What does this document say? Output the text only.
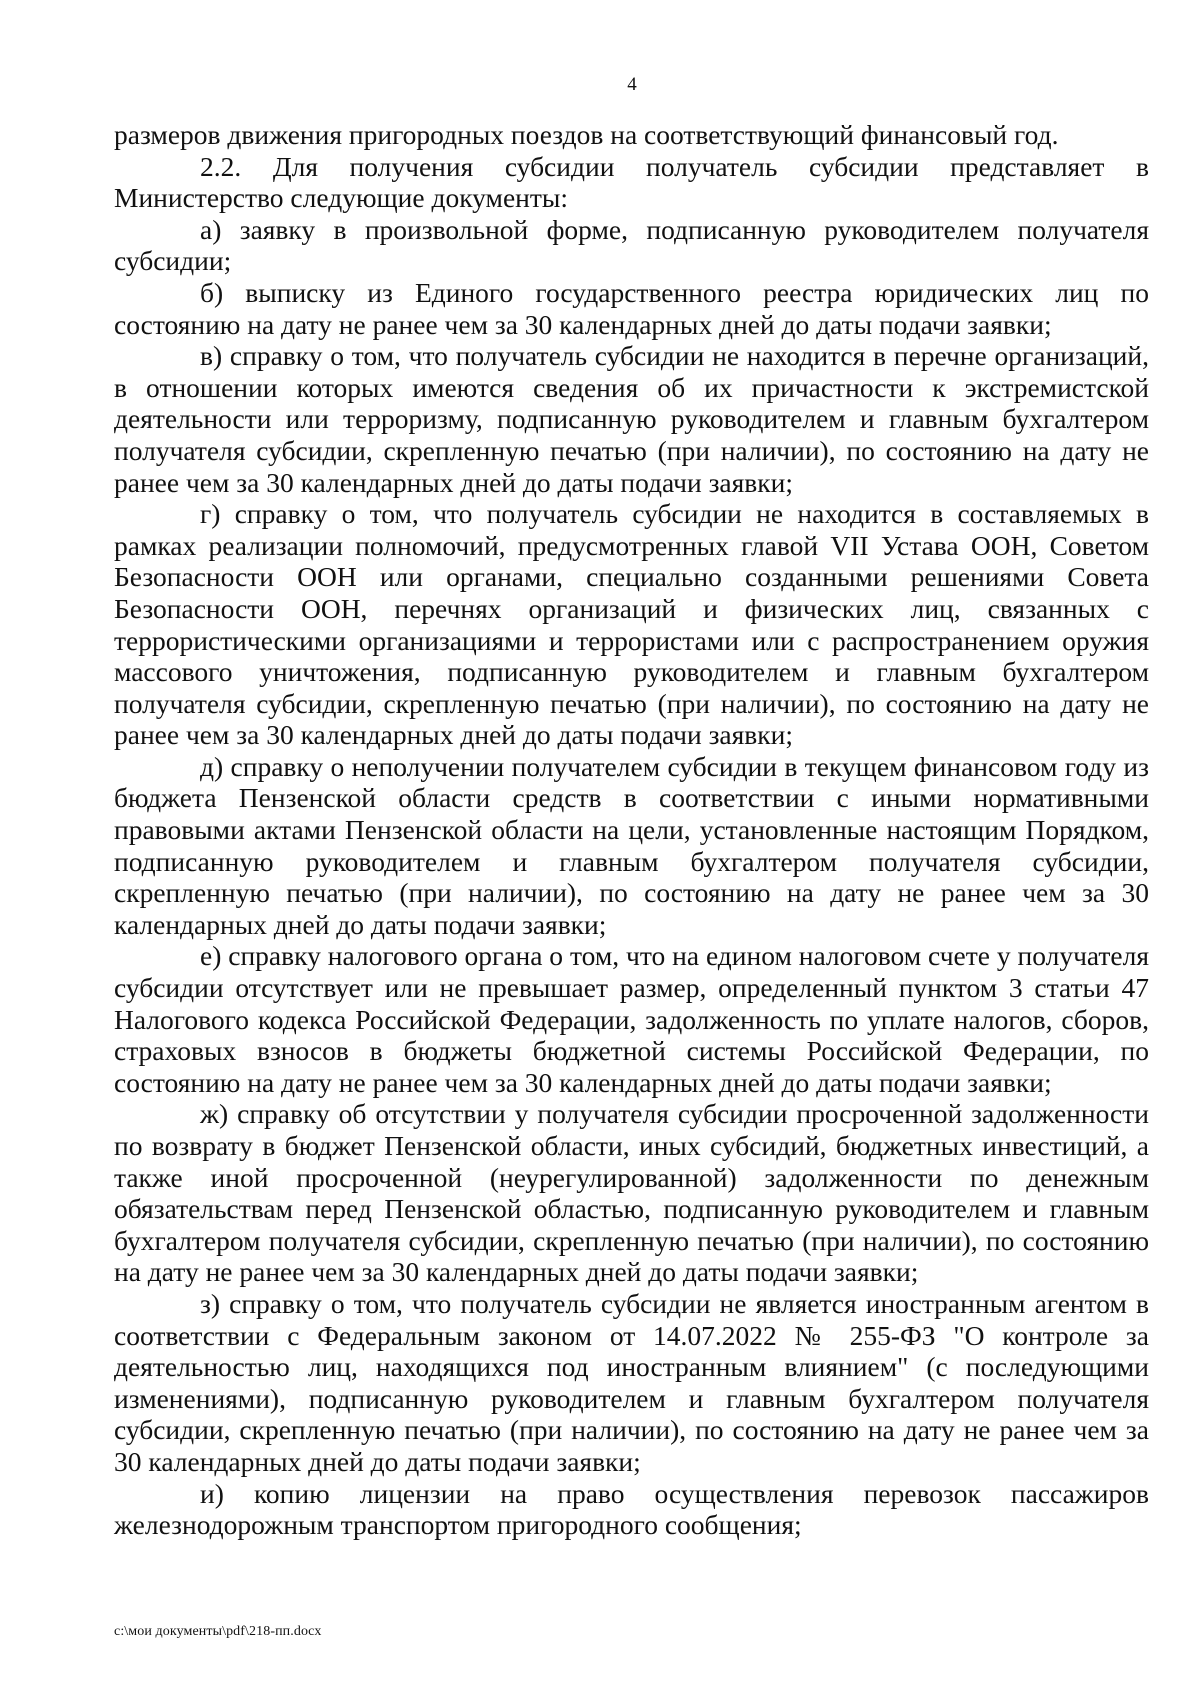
4

размеров движения пригородных поездов на соответствующий финансовый год.

2.2. Для получения субсидии получатель субсидии представляет в Министерство следующие документы:

а) заявку в произвольной форме, подписанную руководителем получателя субсидии;

б) выписку из Единого государственного реестра юридических лиц по состоянию на дату не ранее чем за 30 календарных дней до даты подачи заявки;

в) справку о том, что получатель субсидии не находится в перечне организаций, в отношении которых имеются сведения об их причастности к экстремистской деятельности или терроризму, подписанную руководителем и главным бухгалтером получателя субсидии, скрепленную печатью (при наличии), по состоянию на дату не ранее чем за 30 календарных дней до даты подачи заявки;

г) справку о том, что получатель субсидии не находится в составляемых в рамках реализации полномочий, предусмотренных главой VII Устава ООН, Советом Безопасности ООН или органами, специально созданными решениями Совета Безопасности ООН, перечнях организаций и физических лиц, связанных с террористическими организациями и террористами или с распространением оружия массового уничтожения, подписанную руководителем и главным бухгалтером получателя субсидии, скрепленную печатью (при наличии), по состоянию на дату не ранее чем за 30 календарных дней до даты подачи заявки;

д) справку о неполучении получателем субсидии в текущем финансовом году из бюджета Пензенской области средств в соответствии с иными нормативными правовыми актами Пензенской области на цели, установленные настоящим Порядком, подписанную руководителем и главным бухгалтером получателя субсидии, скрепленную печатью (при наличии), по состоянию на дату не ранее чем за 30 календарных дней до даты подачи заявки;

е) справку налогового органа о том, что на едином налоговом счете у получателя субсидии отсутствует или не превышает размер, определенный пунктом 3 статьи 47 Налогового кодекса Российской Федерации, задолженность по уплате налогов, сборов, страховых взносов в бюджеты бюджетной системы Российской Федерации, по состоянию на дату не ранее чем за 30 календарных дней до даты подачи заявки;

ж) справку об отсутствии у получателя субсидии просроченной задолженности по возврату в бюджет Пензенской области, иных субсидий, бюджетных инвестиций, а также иной просроченной (неурегулированной) задолженности по денежным обязательствам перед Пензенской областью, подписанную руководителем и главным бухгалтером получателя субсидии, скрепленную печатью (при наличии), по состоянию на дату не ранее чем за 30 календарных дней до даты подачи заявки;

з) справку о том, что получатель субсидии не является иностранным агентом в соответствии с Федеральным законом от 14.07.2022 № 255-ФЗ "О контроле за деятельностью лиц, находящихся под иностранным влиянием" (с последующими изменениями), подписанную руководителем и главным бухгалтером получателя субсидии, скрепленную печатью (при наличии), по состоянию на дату не ранее чем за 30 календарных дней до даты подачи заявки;

и) копию лицензии на право осуществления перевозок пассажиров железнодорожным транспортом пригородного сообщения;

c:\мои документы\pdf\218-пп.docx
